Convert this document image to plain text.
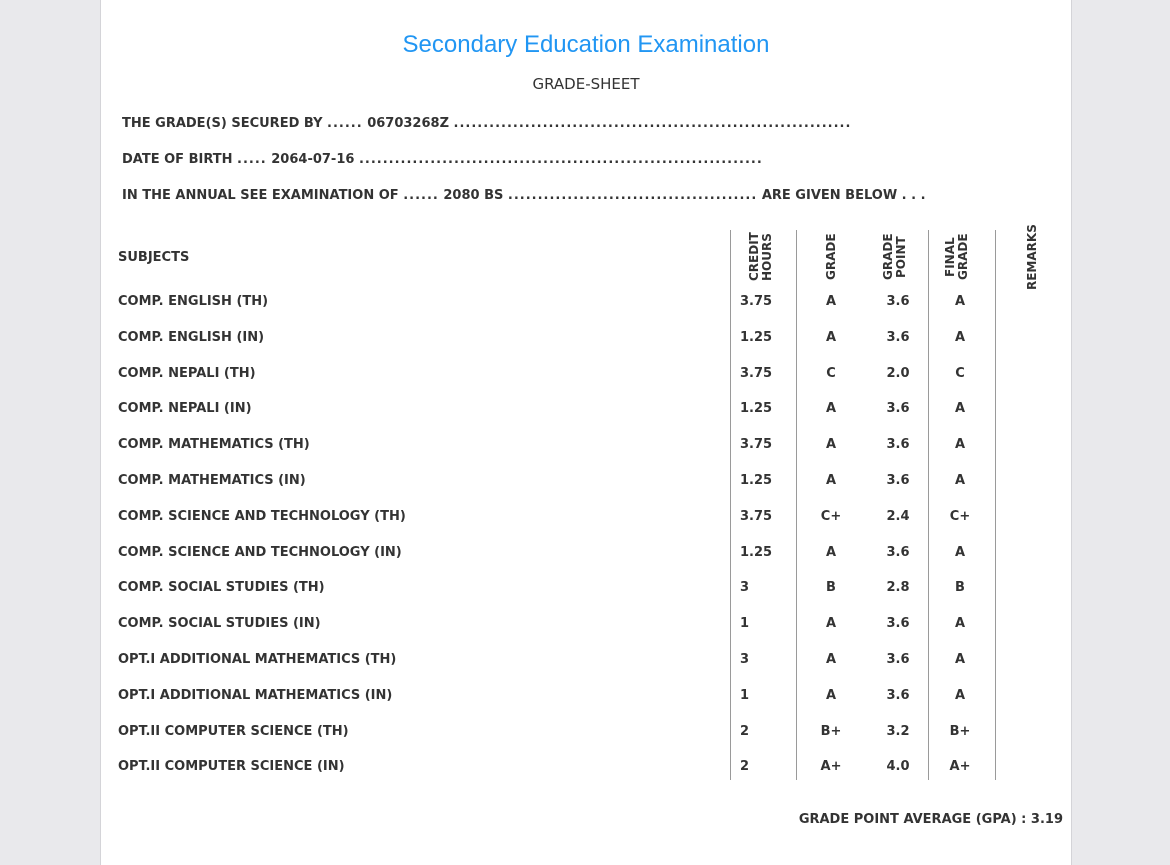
Secondary Education Examination
GRADE-SHEET
THE GRADE(S) SECURED BY ...... 06703268Z ...................................................................
DATE OF BIRTH ..... 2064-07-16 ....................................................................
IN THE ANNUAL SEE EXAMINATION OF ...... 2080 BS .......................................... ARE GIVEN BELOW . . .
SUBJECTS	CREDIT HOURS	GRADE	GRADE POINT	FINAL GRADE	REMARKS
COMP. ENGLISH (TH)	3.75	A	3.6	A
COMP. ENGLISH (IN)	1.25	A	3.6	A
COMP. NEPALI (TH)	3.75	C	2.0	C
COMP. NEPALI (IN)	1.25	A	3.6	A
COMP. MATHEMATICS (TH)	3.75	A	3.6	A
COMP. MATHEMATICS (IN)	1.25	A	3.6	A
COMP. SCIENCE AND TECHNOLOGY (TH)	3.75	C+	2.4	C+
COMP. SCIENCE AND TECHNOLOGY (IN)	1.25	A	3.6	A
COMP. SOCIAL STUDIES (TH)	3	B	2.8	B
COMP. SOCIAL STUDIES (IN)	1	A	3.6	A
OPT.I ADDITIONAL MATHEMATICS (TH)	3	A	3.6	A
OPT.I ADDITIONAL MATHEMATICS (IN)	1	A	3.6	A
OPT.II COMPUTER SCIENCE (TH)	2	B+	3.2	B+
OPT.II COMPUTER SCIENCE (IN)	2	A+	4.0	A+
GRADE POINT AVERAGE (GPA) : 3.19
